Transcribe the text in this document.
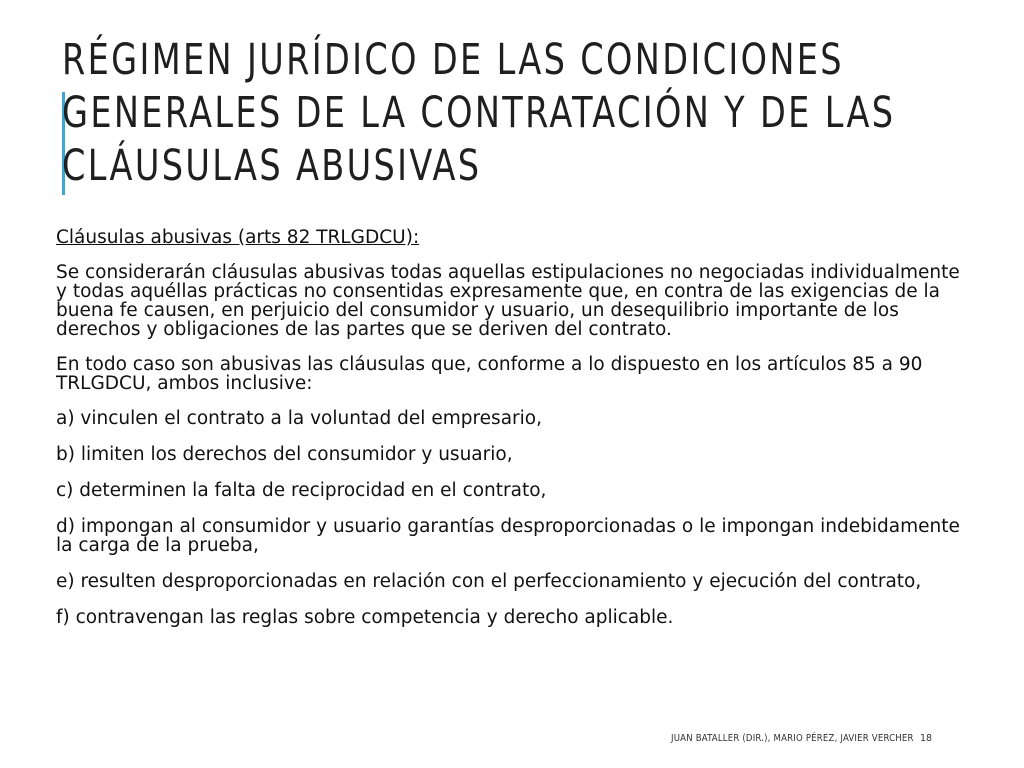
RÉGIMEN JURÍDICO DE LAS CONDICIONES
GENERALES DE LA CONTRATACIÓN Y DE LAS
CLÁUSULAS ABUSIVAS

Cláusulas abusivas (arts 82 TRLGDCU):

Se considerarán cláusulas abusivas todas aquellas estipulaciones no negociadas individualmente y todas aquéllas prácticas no consentidas expresamente que, en contra de las exigencias de la buena fe causen, en perjuicio del consumidor y usuario, un desequilibrio importante de los derechos y obligaciones de las partes que se deriven del contrato.

En todo caso son abusivas las cláusulas que, conforme a lo dispuesto en los artículos 85 a 90 TRLGDCU, ambos inclusive:

a) vinculen el contrato a la voluntad del empresario,

b) limiten los derechos del consumidor y usuario,

c) determinen la falta de reciprocidad en el contrato,

d) impongan al consumidor y usuario garantías desproporcionadas o le impongan indebidamente la carga de la prueba,

e) resulten desproporcionadas en relación con el perfeccionamiento y ejecución del contrato,

f) contravengan las reglas sobre competencia y derecho aplicable.

JUAN BATALLER (DIR.), MARIO PÉREZ, JAVIER VERCHER 18
